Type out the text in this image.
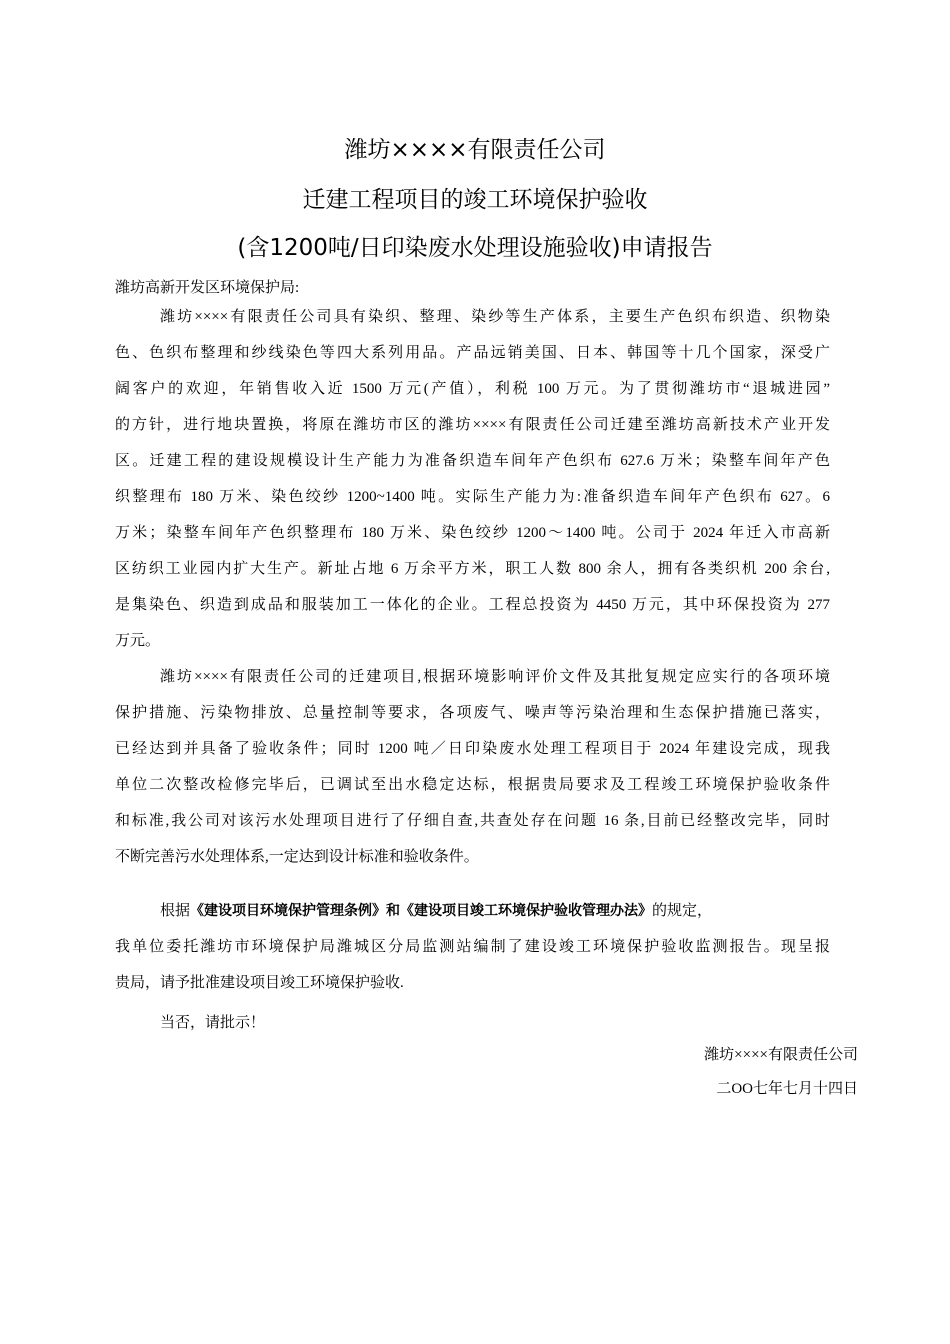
潍坊××××有限责任公司
迁建工程项目的竣工环境保护验收
(含1200吨/日印染废水处理设施验收)申请报告
潍坊高新开发区环境保护局:
潍坊××××有限责任公司具有染织、整理、染纱等生产体系，主要生产色织布织造、织物染
色、色织布整理和纱线染色等四大系列用品。产品远销美国、日本、韩国等十几个国家，深受广
阔客户的欢迎，年销售收入近 1500 万元(产值），利税 100 万元。为了贯彻潍坊市“退城进园”
的方针，进行地块置换，将原在潍坊市区的潍坊××××有限责任公司迁建至潍坊高新技术产业开发
区。迁建工程的建设规模设计生产能力为准备织造车间年产色织布 627.6 万米；染整车间年产色
织整理布 180 万米、染色绞纱 1200~1400 吨。实际生产能力为:准备织造车间年产色织布 627。6
万米；染整车间年产色织整理布 180 万米、染色绞纱 1200～1400 吨。公司于 2024 年迁入市高新
区纺织工业园内扩大生产。新址占地 6 万余平方米，职工人数 800 余人，拥有各类织机 200 余台,
是集染色、织造到成品和服装加工一体化的企业。工程总投资为 4450 万元，其中环保投资为 277
万元。
潍坊××××有限责任公司的迁建项目,根据环境影响评价文件及其批复规定应实行的各项环境
保护措施、污染物排放、总量控制等要求，各项废气、噪声等污染治理和生态保护措施已落实，
已经达到并具备了验收条件；同时 1200 吨／日印染废水处理工程项目于 2024 年建设完成，现我
单位二次整改检修完毕后，已调试至出水稳定达标，根据贵局要求及工程竣工环境保护验收条件
和标准,我公司对该污水处理项目进行了仔细自查,共查处存在问题 16 条,目前已经整改完毕，同时
不断完善污水处理体系,一定达到设计标准和验收条件。
根据《建设项目环境保护管理条例》和《建设项目竣工环境保护验收管理办法》的规定，
我单位委托潍坊市环境保护局潍城区分局监测站编制了建设竣工环境保护验收监测报告。现呈报
贵局，请予批准建设项目竣工环境保护验收.
当否，请批示！
潍坊××××有限责任公司
二OO七年七月十四日
